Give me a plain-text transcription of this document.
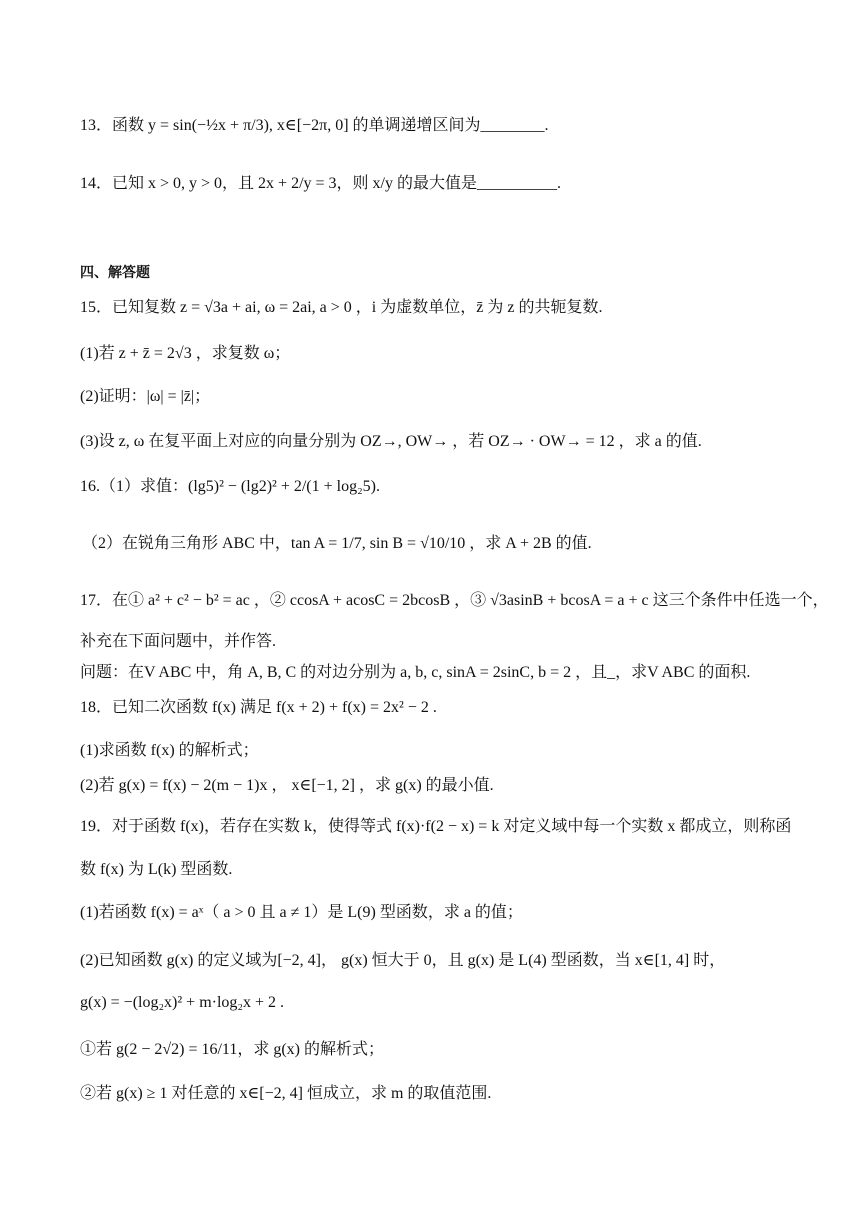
13．函数 y = sin(−½x + π/3), x∈[−2π, 0] 的单调递增区间为________.
14．已知 x > 0, y > 0，且 2x + 2/y = 3，则 x/y 的最大值是__________.
四、解答题
15．已知复数 z = √3a + ai, ω = 2ai, a > 0 ，i 为虚数单位，z̄ 为 z 的共轭复数.
(1)若 z + z̄ = 2√3 ，求复数 ω；
(2)证明：|ω| = |z̄|；
(3)设 z, ω 在复平面上对应的向量分别为 OZ→, OW→ ，若 OZ→ · OW→ = 12 ，求 a 的值.
16.（1）求值：(lg5)² − (lg2)² + 2/(1 + log₂5).
（2）在锐角三角形 ABC 中，tan A = 1/7, sin B = √10/10 ，求 A + 2B 的值.
17．在① a² + c² − b² = ac ，② ccosA + acosC = 2bcosB ，③ √3asinB + bcosA = a + c 这三个条件中任选一个，
补充在下面问题中，并作答.
问题：在V ABC 中，角 A, B, C 的对边分别为 a, b, c, sinA = 2sinC, b = 2 ，且_，求V ABC 的面积.
18．已知二次函数 f(x) 满足 f(x + 2) + f(x) = 2x² − 2 .
(1)求函数 f(x) 的解析式；
(2)若 g(x) = f(x) − 2(m − 1)x ， x∈[−1, 2] ，求 g(x) 的最小值.
19．对于函数 f(x)，若存在实数 k，使得等式 f(x)·f(2 − x) = k 对定义域中每一个实数 x 都成立，则称函
数 f(x) 为 L(k) 型函数.
(1)若函数 f(x) = aˣ（ a > 0 且 a ≠ 1）是 L(9) 型函数，求 a 的值；
(2)已知函数 g(x) 的定义域为[−2, 4]， g(x) 恒大于 0，且 g(x) 是 L(4) 型函数，当 x∈[1, 4] 时，
g(x) = −(log₂x)² + m·log₂x + 2 .
①若 g(2 − 2√2) = 16/11，求 g(x) 的解析式；
②若 g(x) ≥ 1 对任意的 x∈[−2, 4] 恒成立，求 m 的取值范围.
